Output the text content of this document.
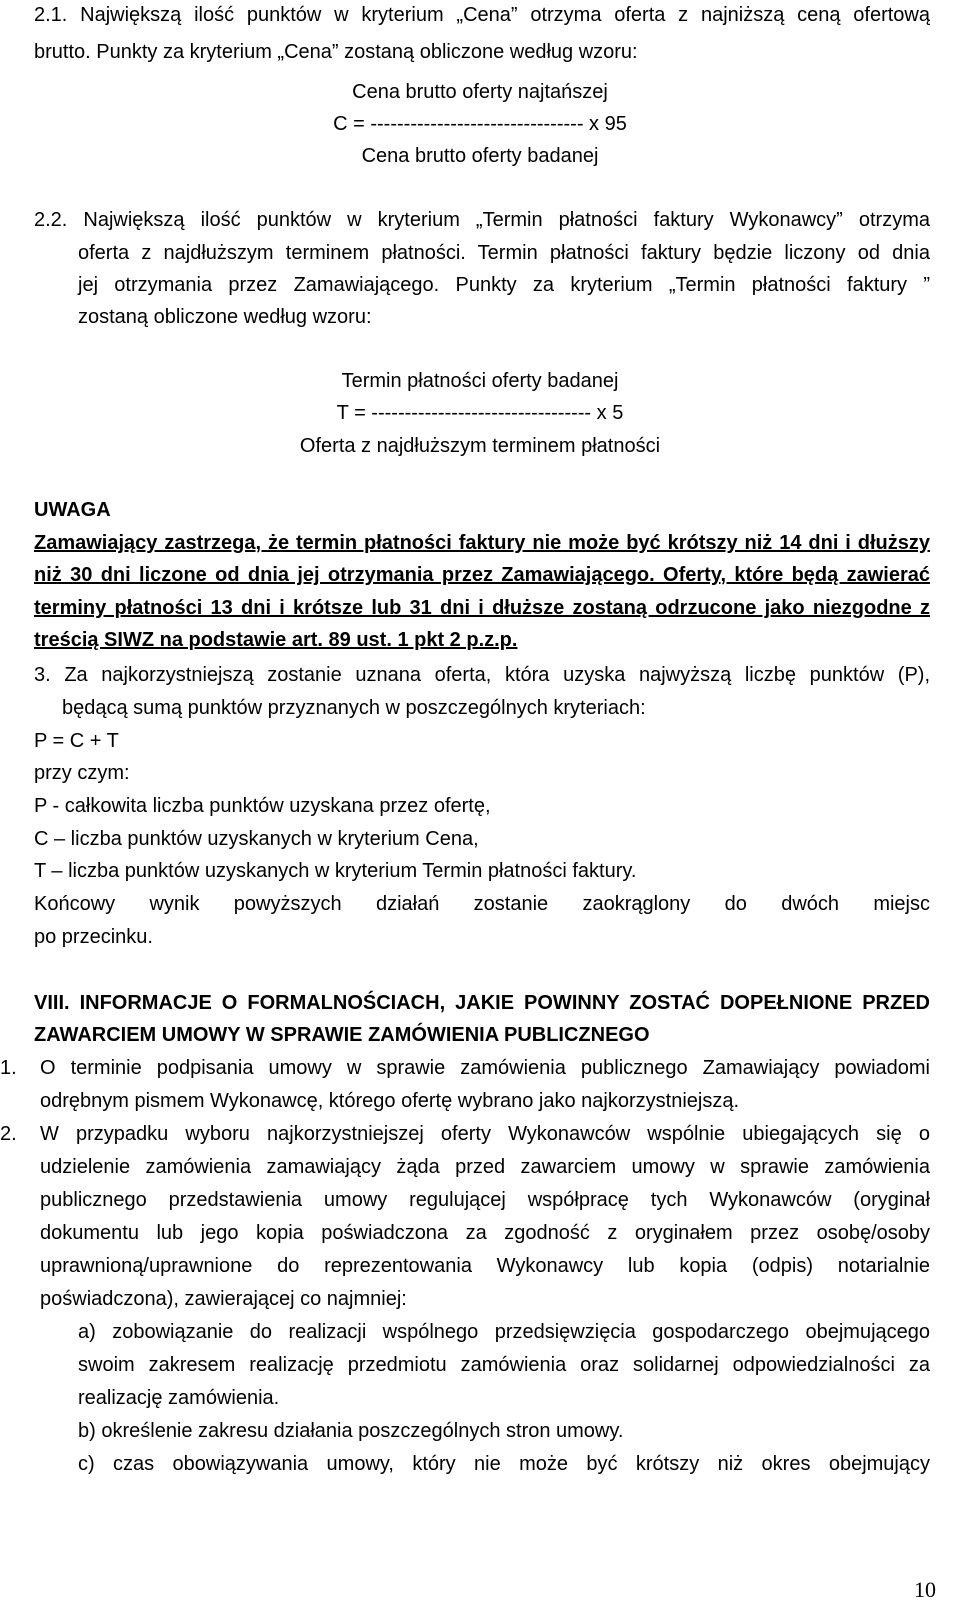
2.1. Największą ilość punktów w kryterium „Cena” otrzyma oferta z najniższą ceną ofertową
brutto. Punkty za kryterium „Cena” zostaną obliczone według wzoru:
Cena brutto oferty najtańszej
C = -------------------------------- x 95
Cena brutto oferty badanej
2.2. Największą ilość punktów w kryterium „Termin płatności faktury Wykonawcy” otrzyma
oferta z najdłuższym terminem płatności. Termin płatności faktury będzie liczony od dnia
jej otrzymania przez Zamawiającego. Punkty za kryterium „Termin płatności faktury ”
zostaną obliczone według wzoru:
Termin płatności oferty badanej
T = --------------------------------- x 5
Oferta z najdłuższym terminem płatności
UWAGA
Zamawiający zastrzega, że termin płatności faktury nie może być krótszy niż 14 dni i dłuższy
niż 30 dni liczone od dnia jej otrzymania przez Zamawiającego. Oferty, które będą zawierać
terminy płatności 13 dni i krótsze lub 31 dni i dłuższe zostaną odrzucone jako niezgodne z
treścią SIWZ na podstawie art. 89 ust. 1 pkt 2 p.z.p.
3. Za najkorzystniejszą zostanie uznana oferta, która uzyska najwyższą liczbę punktów (P),
będącą sumą punktów przyznanych w poszczególnych kryteriach:
P = C + T
przy czym:
P - całkowita liczba punktów uzyskana przez ofertę,
C – liczba punktów uzyskanych w kryterium Cena,
T – liczba punktów uzyskanych w kryterium Termin płatności faktury.
Końcowy wynik powyższych działań zostanie zaokrąglony do dwóch miejsc
po przecinku.
VIII. INFORMACJE O FORMALNOŚCIACH, JAKIE POWINNY ZOSTAĆ DOPEŁNIONE PRZED
ZAWARCIEM UMOWY W SPRAWIE ZAMÓWIENIA PUBLICZNEGO
1.	O terminie podpisania umowy w sprawie zamówienia publicznego Zamawiający powiadomi
odrębnym pismem Wykonawcę, którego ofertę wybrano jako najkorzystniejszą.
2.	W przypadku wyboru najkorzystniejszej oferty Wykonawców wspólnie ubiegających się o
udzielenie zamówienia zamawiający żąda przed zawarciem umowy w sprawie zamówienia
publicznego przedstawienia umowy regulującej współpracę tych Wykonawców (oryginał
dokumentu lub jego kopia poświadczona za zgodność z oryginałem przez osobę/osoby
uprawnioną/uprawnione do reprezentowania Wykonawcy lub kopia (odpis) notarialnie
poświadczona), zawierającej co najmniej:
a) zobowiązanie do realizacji wspólnego przedsięwzięcia gospodarczego obejmującego
swoim zakresem realizację przedmiotu zamówienia oraz solidarnej odpowiedzialności za
realizację zamówienia.
b) określenie zakresu działania poszczególnych stron umowy.
c) czas obowiązywania umowy, który nie może być krótszy niż okres obejmujący
10
